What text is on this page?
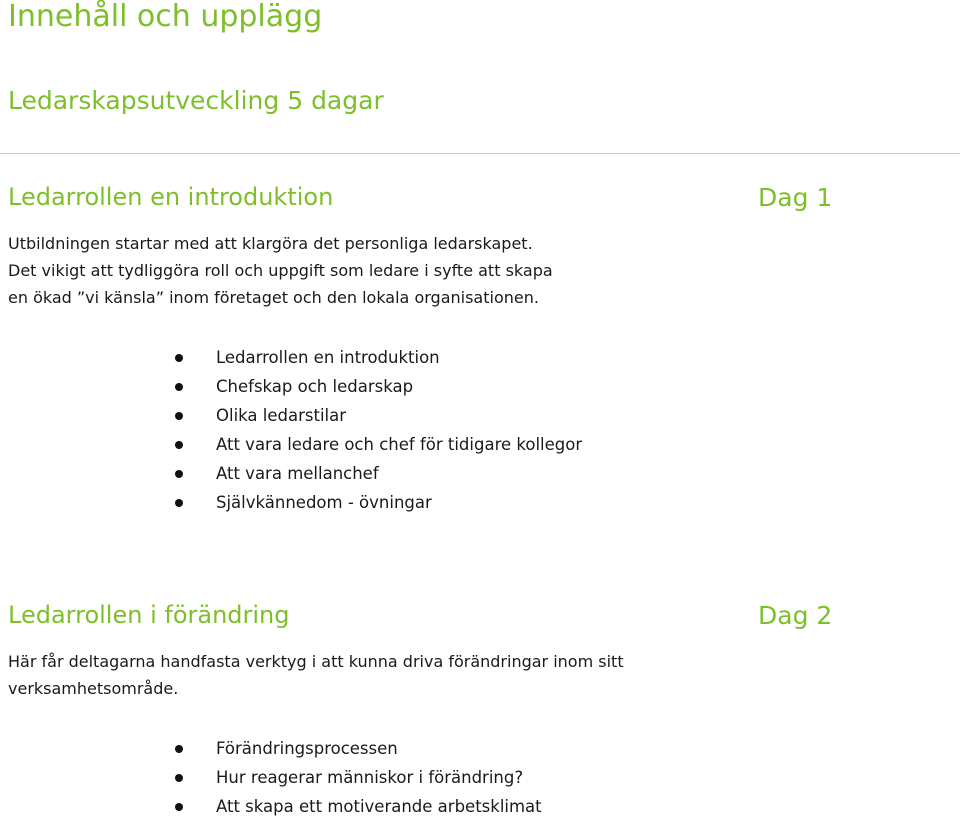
Innehåll och upplägg
Ledarskapsutveckling 5 dagar
Ledarrollen en introduktion	Dag 1
Utbildningen startar med att klargöra det personliga ledarskapet.
Det vikigt att tydliggöra roll och uppgift som ledare i syfte att skapa
en ökad ”vi känsla” inom företaget och den lokala organisationen.
Ledarrollen en introduktion
Chefskap och ledarskap
Olika ledarstilar
Att vara ledare och chef för tidigare kollegor
Att vara mellanchef
Självkännedom - övningar
Ledarrollen i förändring	Dag 2
Här får deltagarna handfasta verktyg i att kunna driva förändringar inom sitt
verksamhetsområde.
Förändringsprocessen
Hur reagerar människor i förändring?
Att skapa ett motiverande arbetsklimat
